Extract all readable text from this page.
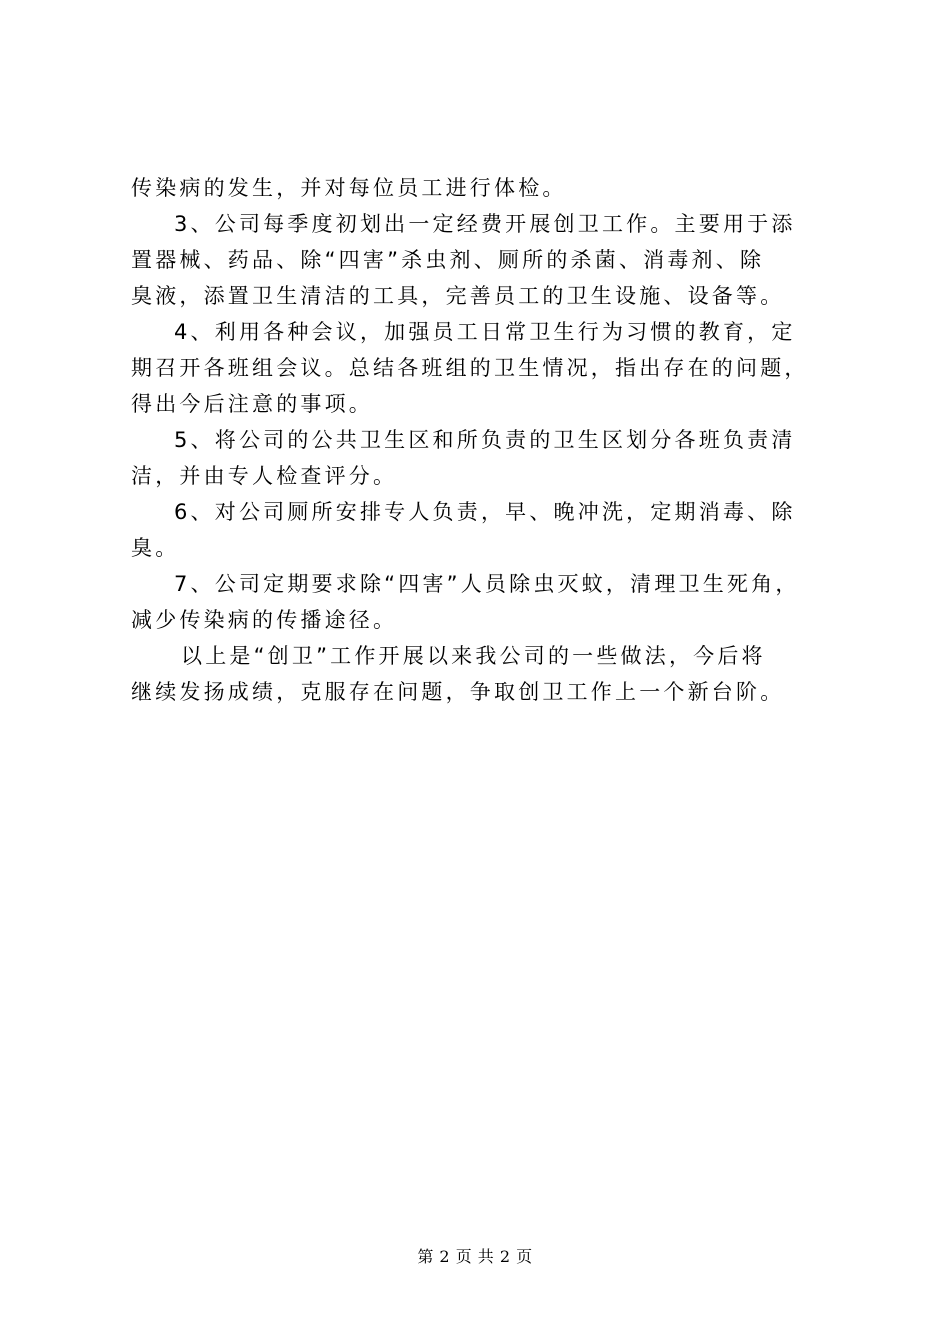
传染病的发生，并对每位员工进行体检。
3、公司每季度初划出一定经费开展创卫工作。主要用于添
置器械、药品、除“四害”杀虫剂、厕所的杀菌、消毒剂、除
臭液，添置卫生清洁的工具，完善员工的卫生设施、设备等。
4、利用各种会议，加强员工日常卫生行为习惯的教育，定
期召开各班组会议。总结各班组的卫生情况，指出存在的问题，
得出今后注意的事项。
5、将公司的公共卫生区和所负责的卫生区划分各班负责清
洁，并由专人检查评分。
6、对公司厕所安排专人负责，早、晚冲洗，定期消毒、除
臭。
7、公司定期要求除“四害”人员除虫灭蚊，清理卫生死角，
减少传染病的传播途径。
以上是“创卫”工作开展以来我公司的一些做法，今后将
继续发扬成绩，克服存在问题，争取创卫工作上一个新台阶。
第 2 页 共 2 页
